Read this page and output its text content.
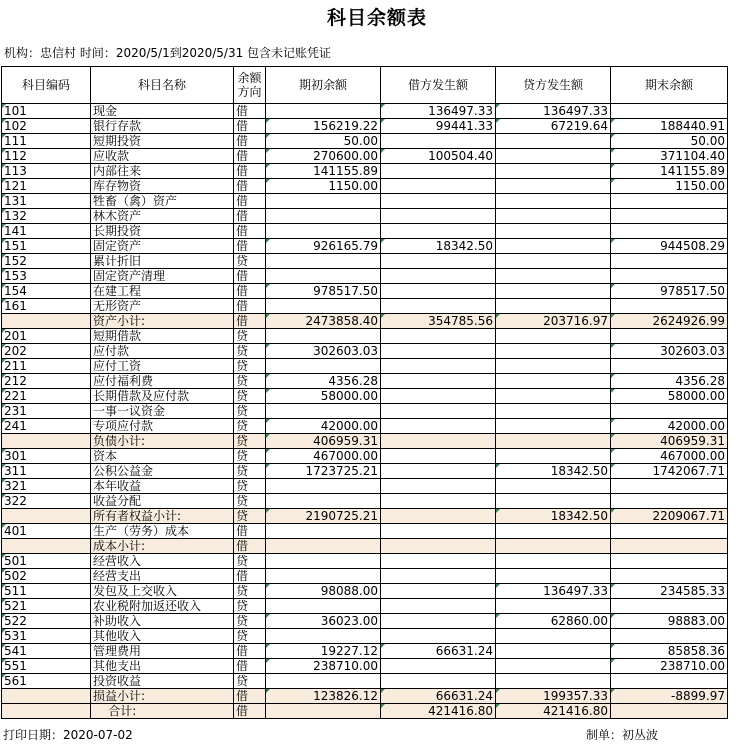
科目余额表
机构：忠信村 时间：2020/5/1到2020/5/31 包含未记账凭证
科目编码	科目名称	余额方向	期初余额	借方发生额	贷方发生额	期末余额
101	现金	借		136497.33	136497.33	
102	银行存款	借	156219.22	99441.33	67219.64	188440.91
111	短期投资	借	50.00			50.00
112	应收款	借	270600.00	100504.40		371104.40
113	内部往来	借	141155.89			141155.89
121	库存物资	借	1150.00			1150.00
131	牲畜（禽）资产	借				
132	林木资产	借				
141	长期投资	借				
151	固定资产	借	926165.79	18342.50		944508.29
152	累计折旧	贷				
153	固定资产清理	借				
154	在建工程	借	978517.50			978517.50
161	无形资产	借				
	资产小计:	借	2473858.40	354785.56	203716.97	2624926.99
201	短期借款	贷				
202	应付款	贷	302603.03			302603.03
211	应付工资	贷				
212	应付福利费	贷	4356.28			4356.28
221	长期借款及应付款	贷	58000.00			58000.00
231	一事一议资金	贷				
241	专项应付款	贷	42000.00			42000.00
	负债小计:	贷	406959.31			406959.31
301	资本	贷	467000.00			467000.00
311	公积公益金	贷	1723725.21		18342.50	1742067.71
321	本年收益	贷				
322	收益分配	贷				
	所有者权益小计:	贷	2190725.21		18342.50	2209067.71
401	生产（劳务）成本	借				
	成本小计:	借				
501	经营收入	贷				
502	经营支出	借				
511	发包及上交收入	贷	98088.00		136497.33	234585.33
521	农业税附加返还收入	贷				
522	补助收入	贷	36023.00		62860.00	98883.00
531	其他收入	贷				
541	管理费用	借	19227.12	66631.24		85858.36
551	其他支出	借	238710.00			238710.00
561	投资收益	贷				
	损益小计:	借	123826.12	66631.24	199357.33	-8899.97
	合计:	借		421416.80	421416.80	
打印日期：2020-07-02	制单：初丛波
